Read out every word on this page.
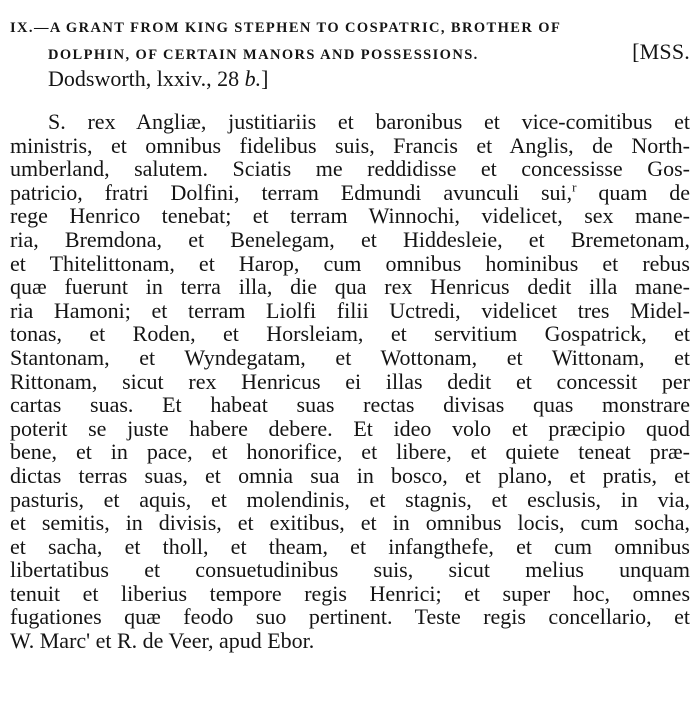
IX.—A GRANT FROM KING STEPHEN TO COSPATRIC, BROTHER OF
DOLPHIN, OF CERTAIN MANORS AND POSSESSIONS.	[MSS.
Dodsworth, lxxiv., 28 b.]
S. rex Angliæ, justitiariis et baronibus et vice-comitibus et
ministris, et omnibus fidelibus suis, Francis et Anglis, de North-
umberland, salutem. Sciatis me reddidisse et concessisse Gos-
patricio, fratri Dolfini, terram Edmundi avunculi sui,$^r$ quam de
rege Henrico tenebat; et terram Winnochi, videlicet, sex mane-
ria, Bremdona, et Benelegam, et Hiddesleie, et Bremetonam,
et Thitelittonam, et Harop, cum omnibus hominibus et rebus
quæ fuerunt in terra illa, die qua rex Henricus dedit illa mane-
ria Hamoni; et terram Liolfi filii Uctredi, videlicet tres Midel-
tonas, et Roden, et Horsleiam, et servitium Gospatrick, et
Stantonam, et Wyndegatam, et Wottonam, et Wittonam, et
Rittonam, sicut rex Henricus ei illas dedit et concessit per
cartas suas. Et habeat suas rectas divisas quas monstrare
poterit se juste habere debere. Et ideo volo et præcipio quod
bene, et in pace, et honorifice, et libere, et quiete teneat præ-
dictas terras suas, et omnia sua in bosco, et plano, et pratis, et
pasturis, et aquis, et molendinis, et stagnis, et esclusis, in via,
et semitis, in divisis, et exitibus, et in omnibus locis, cum socha,
et sacha, et tholl, et theam, et infangthefe, et cum omnibus
libertatibus et consuetudinibus suis, sicut melius unquam
tenuit et liberius tempore regis Henrici; et super hoc, omnes
fugationes quæ feodo suo pertinent. Teste regis concellario, et
W. Marc' et R. de Veer, apud Ebor.
